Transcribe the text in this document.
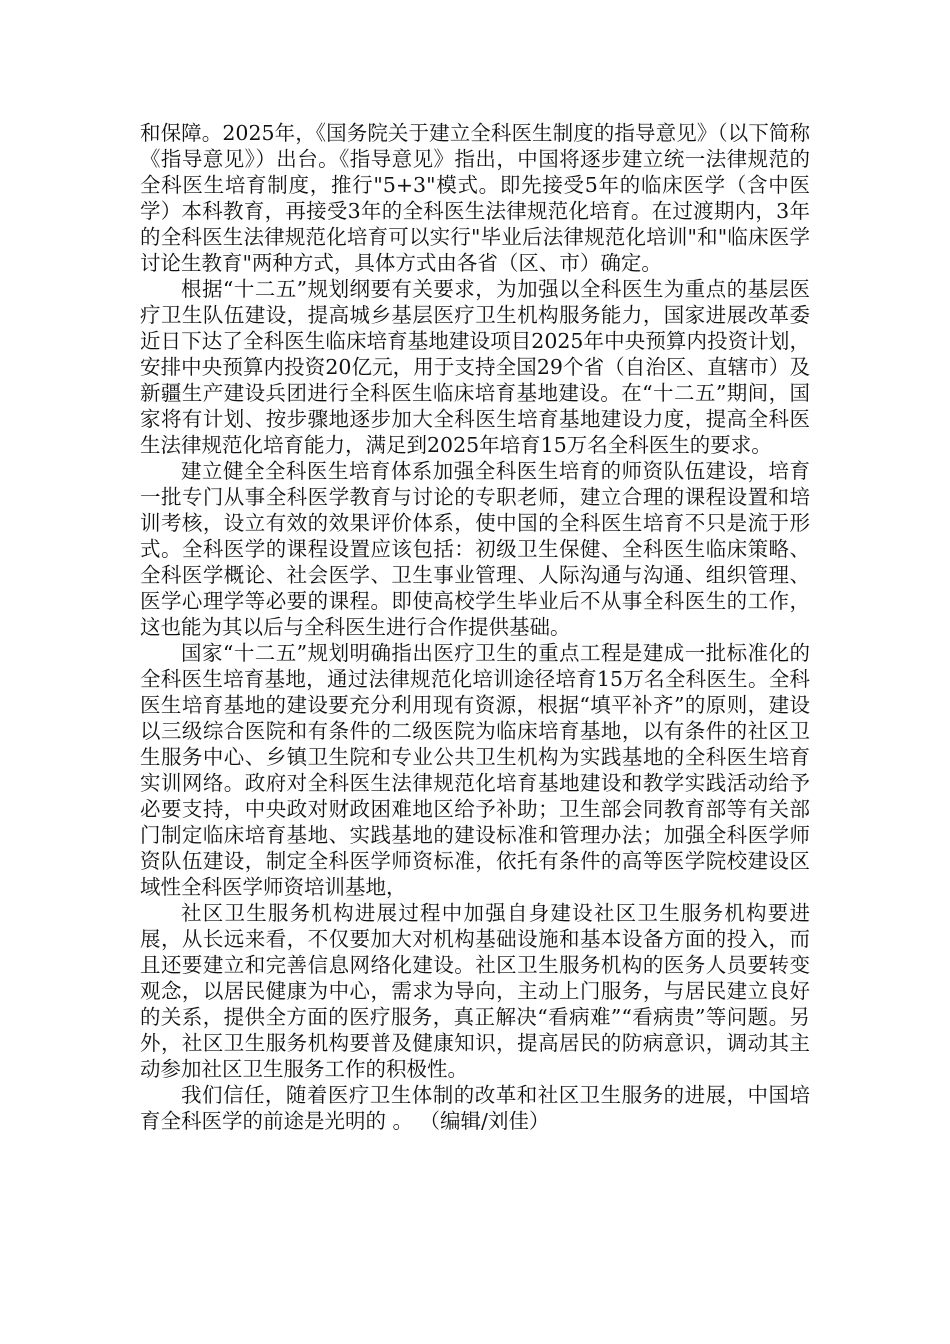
和保障。2025年，《国务院关于建立全科医生制度的指导意见》（以下简称《指导意见》）出台。《指导意见》指出，中国将逐步建立统一法律规范的全科医生培育制度，推行"5+3"模式。即先接受5年的临床医学（含中医学）本科教育，再接受3年的全科医生法律规范化培育。在过渡期内，3年的全科医生法律规范化培育可以实行"毕业后法律规范化培训"和"临床医学讨论生教育"两种方式，具体方式由各省（区、市）确定。

根据“十二五”规划纲要有关要求，为加强以全科医生为重点的基层医疗卫生队伍建设，提高城乡基层医疗卫生机构服务能力，国家进展改革委近日下达了全科医生临床培育基地建设项目2025年中央预算内投资计划，安排中央预算内投资20亿元，用于支持全国29个省（自治区、直辖市）及新疆生产建设兵团进行全科医生临床培育基地建设。在“十二五”期间，国家将有计划、按步骤地逐步加大全科医生培育基地建设力度，提高全科医生法律规范化培育能力，满足到2025年培育15万名全科医生的要求。

建立健全全科医生培育体系加强全科医生培育的师资队伍建设，培育一批专门从事全科医学教育与讨论的专职老师，建立合理的课程设置和培训考核，设立有效的效果评价体系，使中国的全科医生培育不只是流于形式。全科医学的课程设置应该包括：初级卫生保健、全科医生临床策略、全科医学概论、社会医学、卫生事业管理、人际沟通与沟通、组织管理、医学心理学等必要的课程。即使高校学生毕业后不从事全科医生的工作，这也能为其以后与全科医生进行合作提供基础。

国家“十二五”规划明确指出医疗卫生的重点工程是建成一批标准化的全科医生培育基地，通过法律规范化培训途径培育15万名全科医生。全科医生培育基地的建设要充分利用现有资源，根据“填平补齐”的原则，建设以三级综合医院和有条件的二级医院为临床培育基地，以有条件的社区卫生服务中心、乡镇卫生院和专业公共卫生机构为实践基地的全科医生培育实训网络。政府对全科医生法律规范化培育基地建设和教学实践活动给予必要支持，中央政对财政困难地区给予补助；卫生部会同教育部等有关部门制定临床培育基地、实践基地的建设标准和管理办法；加强全科医学师资队伍建设，制定全科医学师资标准，依托有条件的高等医学院校建设区域性全科医学师资培训基地，

社区卫生服务机构进展过程中加强自身建设社区卫生服务机构要进展，从长远来看，不仅要加大对机构基础设施和基本设备方面的投入，而且还要建立和完善信息网络化建设。社区卫生服务机构的医务人员要转变观念，以居民健康为中心，需求为导向，主动上门服务，与居民建立良好的关系，提供全方面的医疗服务，真正解决“看病难”“看病贵”等问题。另外，社区卫生服务机构要普及健康知识，提高居民的防病意识，调动其主动参加社区卫生服务工作的积极性。

我们信任，随着医疗卫生体制的改革和社区卫生服务的进展，中国培育全科医学的前途是光明的 。 （编辑/刘佳）
